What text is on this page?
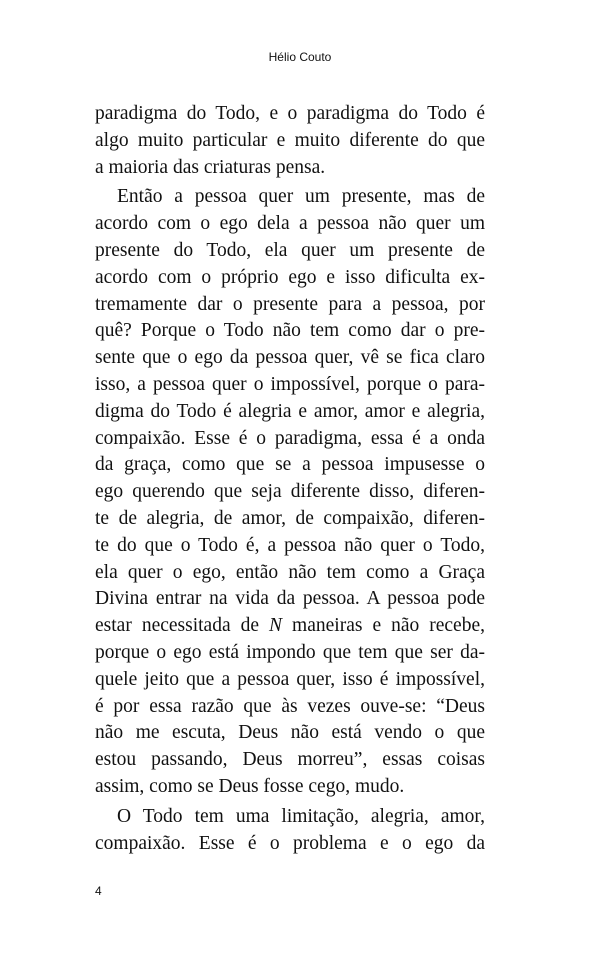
Hélio Couto
paradigma do Todo, e o paradigma do Todo é
algo muito particular e muito diferente do que
a maioria das criaturas pensa.
Então a pessoa quer um presente, mas de
acordo com o ego dela a pessoa não quer um
presente do Todo, ela quer um presente de
acordo com o próprio ego e isso dificulta ex-
tremamente dar o presente para a pessoa, por
quê? Porque o Todo não tem como dar o pre-
sente que o ego da pessoa quer, vê se fica claro
isso, a pessoa quer o impossível, porque o para-
digma do Todo é alegria e amor, amor e alegria,
compaixão. Esse é o paradigma, essa é a onda
da graça, como que se a pessoa impusesse o
ego querendo que seja diferente disso, diferen-
te de alegria, de amor, de compaixão, diferen-
te do que o Todo é, a pessoa não quer o Todo,
ela quer o ego, então não tem como a Graça
Divina entrar na vida da pessoa. A pessoa pode
estar necessitada de N maneiras e não recebe,
porque o ego está impondo que tem que ser da-
quele jeito que a pessoa quer, isso é impossível,
é por essa razão que às vezes ouve-se: “Deus
não me escuta, Deus não está vendo o que
estou passando, Deus morreu”, essas coisas
assim, como se Deus fosse cego, mudo.
O Todo tem uma limitação, alegria, amor,
compaixão. Esse é o problema e o ego da
4
